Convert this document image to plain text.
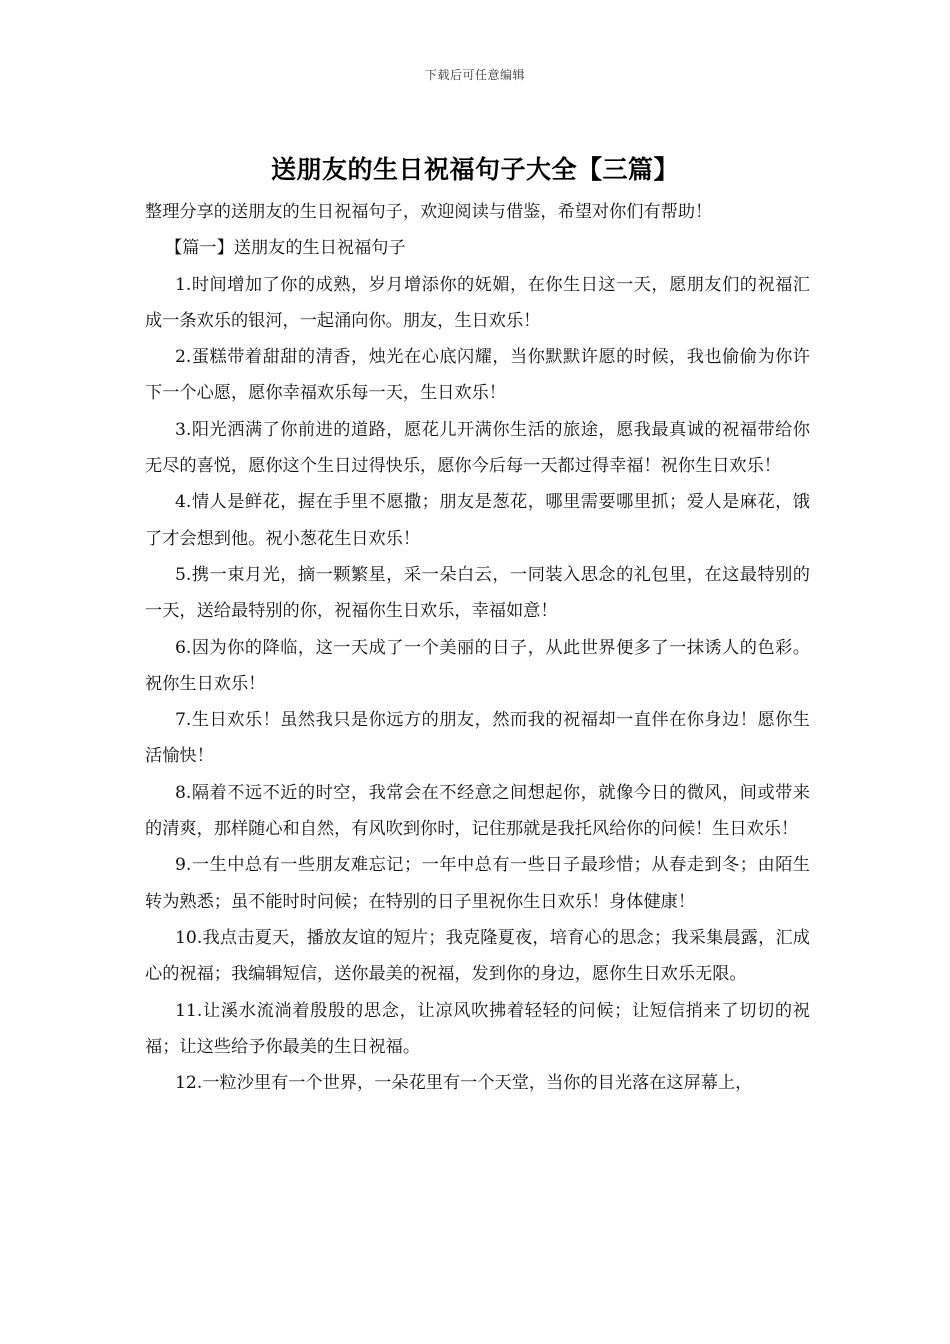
下载后可任意编辑
送朋友的生日祝福句子大全【三篇】

整理分享的送朋友的生日祝福句子，欢迎阅读与借鉴，希望对你们有帮助！

【篇一】送朋友的生日祝福句子

1.时间增加了你的成熟，岁月增添你的妩媚，在你生日这一天，愿朋友们的祝福汇成一条欢乐的银河，一起涌向你。朋友，生日欢乐！

2.蛋糕带着甜甜的清香，烛光在心底闪耀，当你默默许愿的时候，我也偷偷为你许下一个心愿，愿你幸福欢乐每一天，生日欢乐！

3.阳光洒满了你前进的道路，愿花儿开满你生活的旅途，愿我最真诚的祝福带给你无尽的喜悦，愿你这个生日过得快乐，愿你今后每一天都过得幸福！祝你生日欢乐！

4.情人是鲜花，握在手里不愿撒；朋友是葱花，哪里需要哪里抓；爱人是麻花，饿了才会想到他。祝小葱花生日欢乐！

5.携一束月光，摘一颗繁星，采一朵白云，一同装入思念的礼包里，在这最特别的一天，送给最特别的你，祝福你生日欢乐，幸福如意！

6.因为你的降临，这一天成了一个美丽的日子，从此世界便多了一抹诱人的色彩。祝你生日欢乐！

7.生日欢乐！虽然我只是你远方的朋友，然而我的祝福却一直伴在你身边！愿你生活愉快！

8.隔着不远不近的时空，我常会在不经意之间想起你，就像今日的微风，间或带来的清爽，那样随心和自然，有风吹到你时，记住那就是我托风给你的问候！生日欢乐！

9.一生中总有一些朋友难忘记；一年中总有一些日子最珍惜；从春走到冬；由陌生转为熟悉；虽不能时时问候；在特别的日子里祝你生日欢乐！身体健康！

10.我点击夏天，播放友谊的短片；我克隆夏夜，培育心的思念；我采集晨露，汇成心的祝福；我编辑短信，送你最美的祝福，发到你的身边，愿你生日欢乐无限。

11.让溪水流淌着殷殷的思念，让凉风吹拂着轻轻的问候；让短信捎来了切切的祝福；让这些给予你最美的生日祝福。

12.一粒沙里有一个世界，一朵花里有一个天堂，当你的目光落在这屏幕上，
